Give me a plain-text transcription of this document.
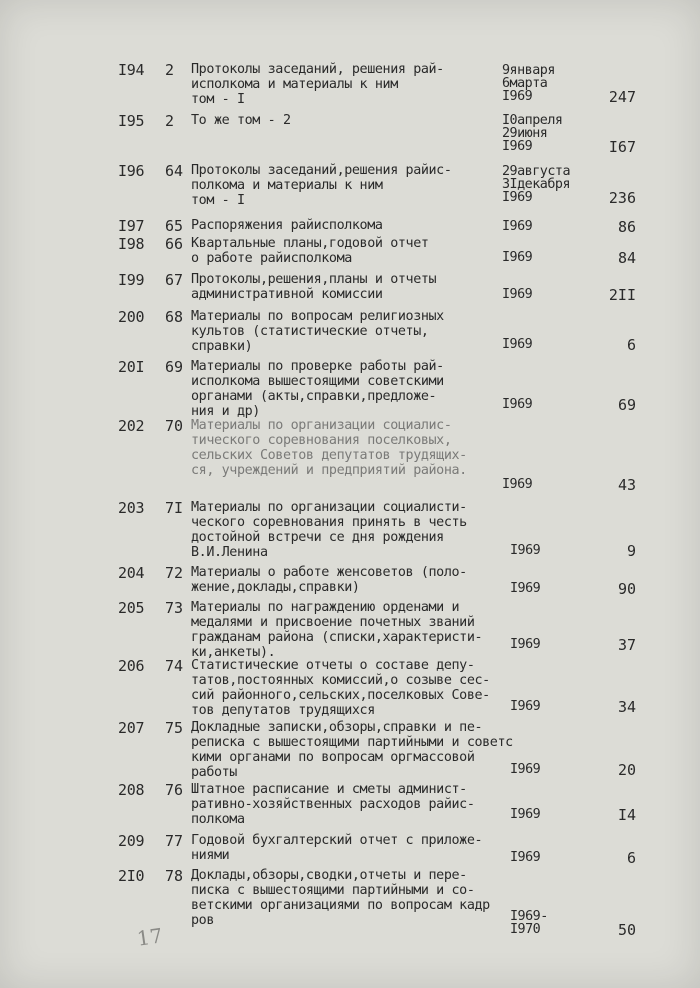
I94	2	Протоколы заседаний, решения рай-
исполкома и материалы к ним
том - I
9января
6марта
I969	247
I95	2	То же том - 2	I0апреля
29июня
I969	I67
I96	64 Протоколы заседаний,решения райис-
полкома и материалы к ним
том - I
29августа
3Iдекабря
I969	236
I97	65 Распоряжения райисполкома	I969	86
I98	66 Квартальные планы,годовой отчет
о работе райисполкома	I969	84
I99	67 Протоколы,решения,планы и отчеты
административной комиссии	I969	2II
200	68 Материалы по вопросам религиозных
культов (статистические отчеты,
справки)	I969	6
20I	69 Материалы по проверке работы рай-
исполкома вышестоящими советскими
органами (акты,справки,предложе-
ния и др)	I969	69
202	70 Материалы по организации социалис-
тического соревнования поселковых,
сельских Советов депутатов трудящих-
ся, учреждений и предприятий района.
I969	43
203	7I Материалы по организации социалисти-
ческого соревнования принять в честь
достойной встречи се дня рождения
В.И.Ленина	I969	9
204	72 Материалы о работе женсоветов (поло-
жение,доклады,справки)	I969	90
205	73 Материалы по награждению орденами и
медалями и присвоение почетных званий
гражданам района (списки,характеристи-
ки,анкеты).
I969	37
206	74 Статистические отчеты о составе депу-
татов,постоянных комиссий,о созыве сес-
сий районного,сельских,поселковых Сове-
тов депутатов трудящихся	I969	34
207	75 Докладные записки,обзоры,справки и пе-
реписка с вышестоящими партийными и советс
кими органами по вопросам оргмассовой
работы	I969	20
208	76 Штатное расписание и сметы админист-
ративно-хозяйственных расходов райис-
полкома	I969	I4
209	77 Годовой бухгалтерский отчет с приложе-
ниями	I969	6
2I0	78 Доклады,обзоры,сводки,отчеты и пере-
писка с вышестоящими партийными и со-
ветскими организациями по вопросам кадр
ров	I969-
I970	50
17
